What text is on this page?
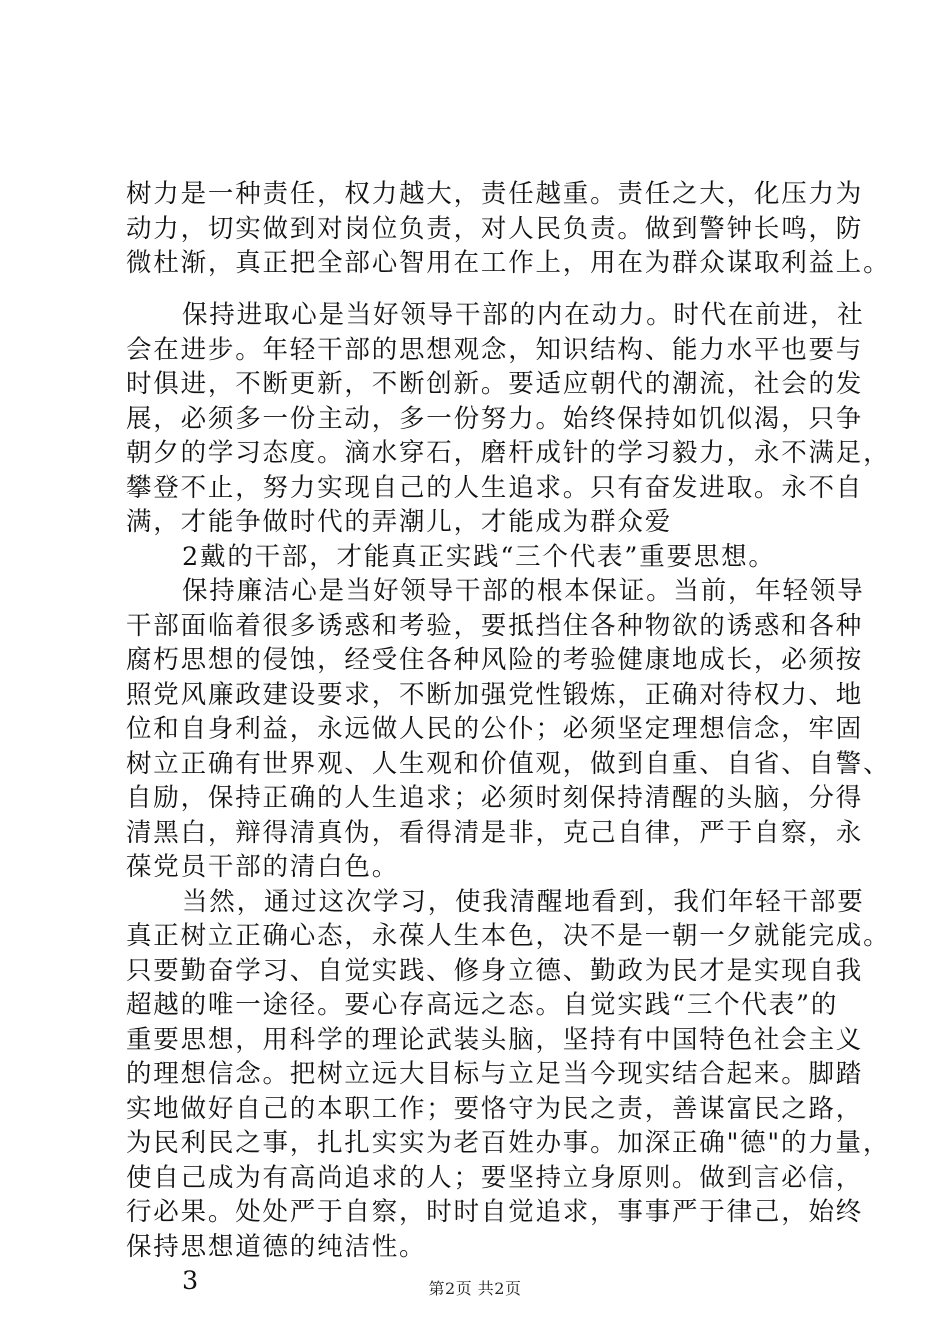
树力是一种责任，权力越大，责任越重。责任之大，化压力为
动力，切实做到对岗位负责，对人民负责。做到警钟长鸣，防
微杜渐，真正把全部心智用在工作上，用在为群众谋取利益上。
保持进取心是当好领导干部的内在动力。时代在前进，社
会在进步。年轻干部的思想观念，知识结构、能力水平也要与
时俱进，不断更新，不断创新。要适应朝代的潮流，社会的发
展，必须多一份主动，多一份努力。始终保持如饥似渴，只争
朝夕的学习态度。滴水穿石，磨杆成针的学习毅力，永不满足，
攀登不止，努力实现自己的人生追求。只有奋发进取。永不自
满，才能争做时代的弄潮儿，才能成为群众爱
2戴的干部，才能真正实践“三个代表”重要思想。
保持廉洁心是当好领导干部的根本保证。当前，年轻领导
干部面临着很多诱惑和考验，要抵挡住各种物欲的诱惑和各种
腐朽思想的侵蚀，经受住各种风险的考验健康地成长，必须按
照党风廉政建设要求，不断加强党性锻炼，正确对待权力、地
位和自身利益，永远做人民的公仆；必须坚定理想信念，牢固
树立正确有世界观、人生观和价值观，做到自重、自省、自警、
自励，保持正确的人生追求；必须时刻保持清醒的头脑，分得
清黑白，辩得清真伪，看得清是非，克己自律，严于自察，永
葆党员干部的清白色。
当然，通过这次学习，使我清醒地看到，我们年轻干部要
真正树立正确心态，永葆人生本色，决不是一朝一夕就能完成。
只要勤奋学习、自觉实践、修身立德、勤政为民才是实现自我
超越的唯一途径。要心存高远之态。自觉实践“三个代表”的
重要思想，用科学的理论武装头脑，坚持有中国特色社会主义
的理想信念。把树立远大目标与立足当今现实结合起来。脚踏
实地做好自己的本职工作；要恪守为民之责，善谋富民之路，
为民利民之事，扎扎实实为老百姓办事。加深正确"德"的力量，
使自己成为有高尚追求的人；要坚持立身原则。做到言必信，
行必果。处处严于自察，时时自觉追求，事事严于律己，始终
保持思想道德的纯洁性。
3	第2页 共2页
